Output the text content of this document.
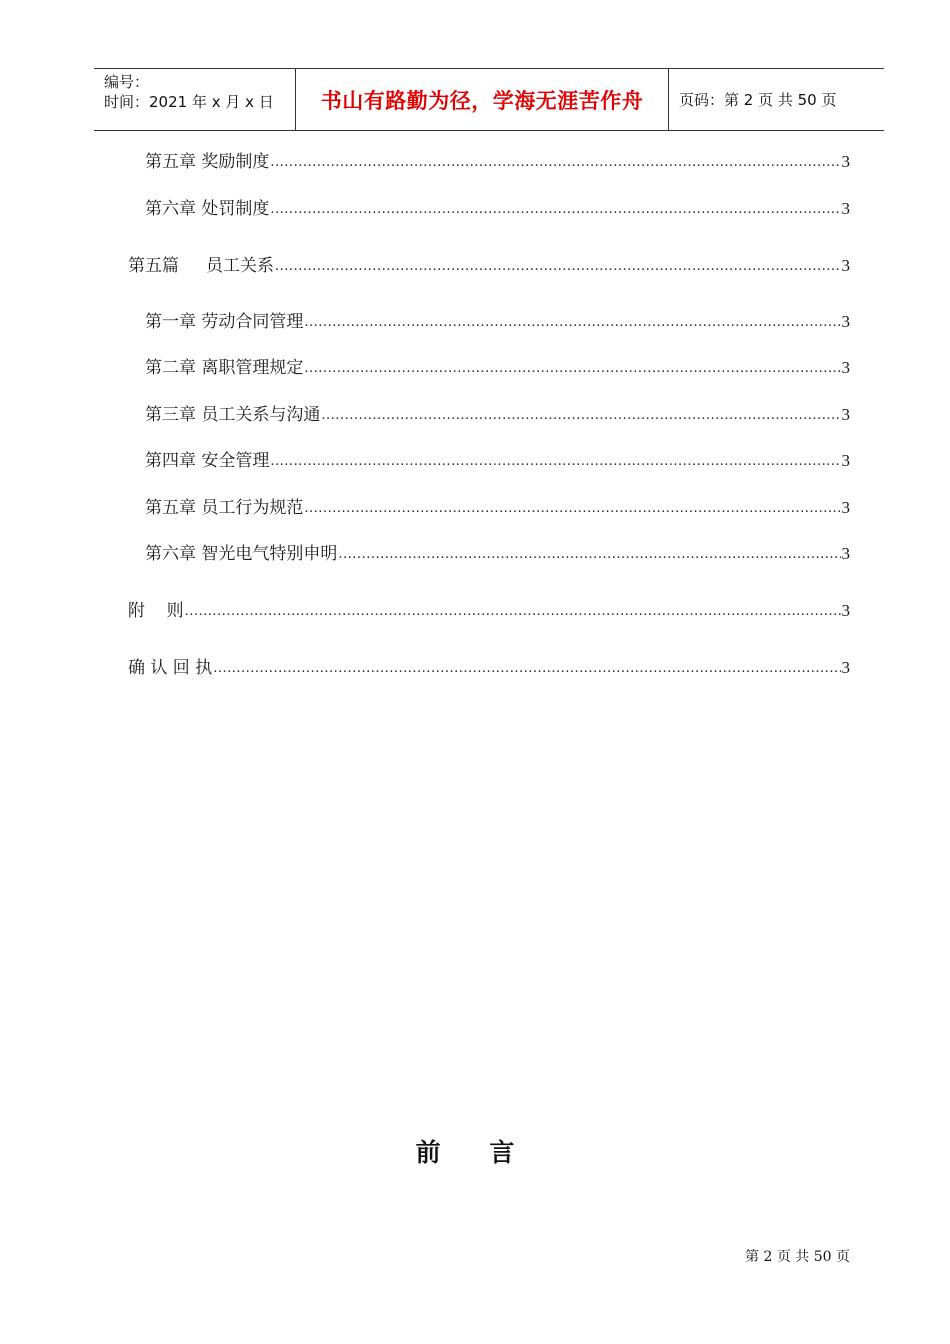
编号：
时间：2021 年 x 月 x 日 书山有路勤为径，学海无涯苦作舟	页码：第 2 页 共 50 页
第五章 奖励制度 .....	3
第六章 处罚制度 .....	3
第五篇     员工关系 .....	3
第一章 劳动合同管理 .....	3
第二章 离职管理规定 .....	3
第三章 员工关系与沟通 .....	3
第四章 安全管理 .....	3
第五章 员工行为规范 .....	3
第六章 智光电气特别申明 .....	3
附    则 .....	3
确 认 回 执 .....	3
前 言
第 2 页 共 50 页
